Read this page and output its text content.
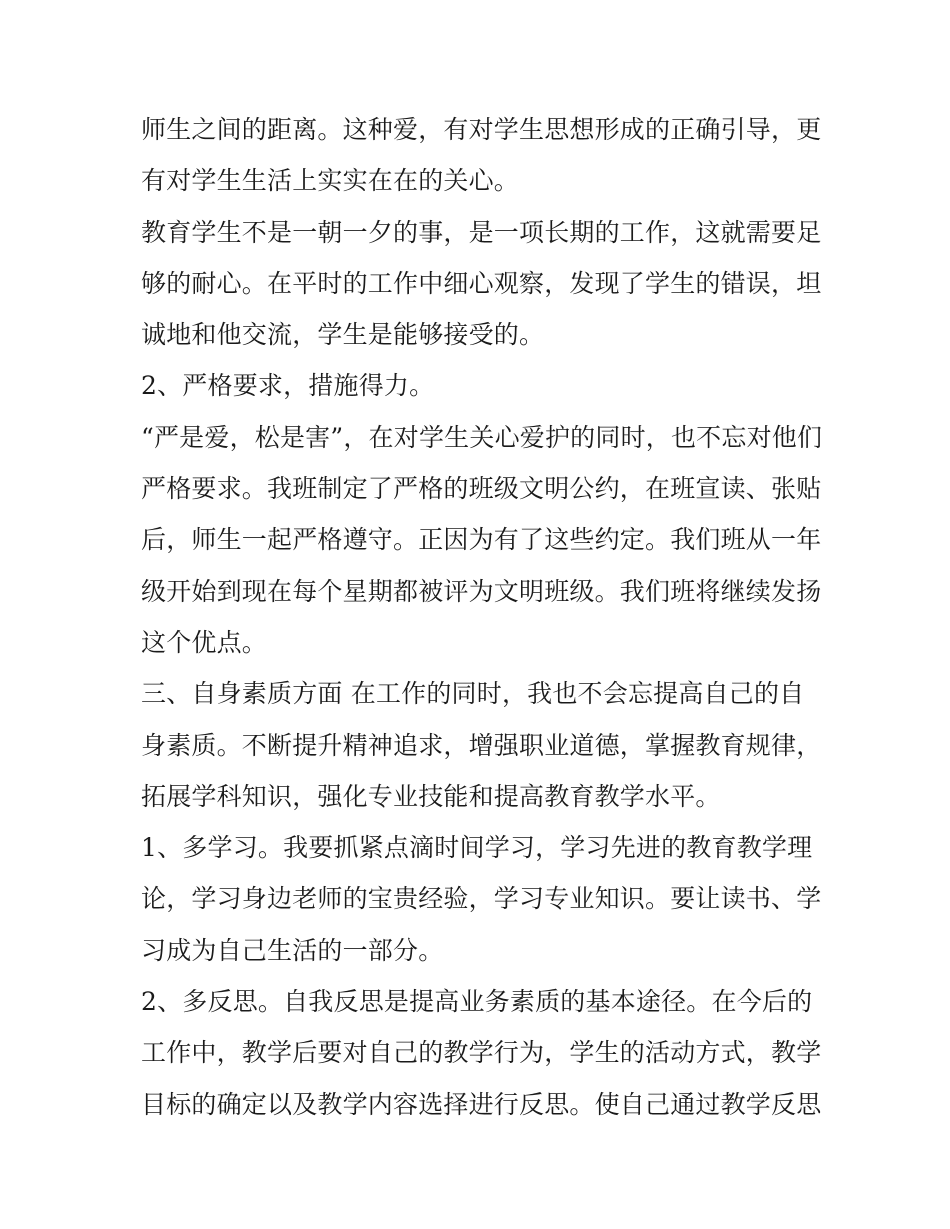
师生之间的距离。这种爱，有对学生思想形成的正确引导，更
有对学生生活上实实在在的关心。
教育学生不是一朝一夕的事，是一项长期的工作，这就需要足
够的耐心。在平时的工作中细心观察，发现了学生的错误，坦
诚地和他交流，学生是能够接受的。
2、严格要求，措施得力。
“严是爱，松是害”，在对学生关心爱护的同时，也不忘对他们
严格要求。我班制定了严格的班级文明公约，在班宣读、张贴
后，师生一起严格遵守。正因为有了这些约定。我们班从一年
级开始到现在每个星期都被评为文明班级。我们班将继续发扬
这个优点。
三、自身素质方面 在工作的同时，我也不会忘提高自己的自
身素质。不断提升精神追求，增强职业道德，掌握教育规律，
拓展学科知识，强化专业技能和提高教育教学水平。
1、多学习。我要抓紧点滴时间学习，学习先进的教育教学理
论，学习身边老师的宝贵经验，学习专业知识。要让读书、学
习成为自己生活的一部分。
2、多反思。自我反思是提高业务素质的基本途径。在今后的
工作中，教学后要对自己的教学行为，学生的活动方式，教学
目标的确定以及教学内容选择进行反思。使自己通过教学反思
